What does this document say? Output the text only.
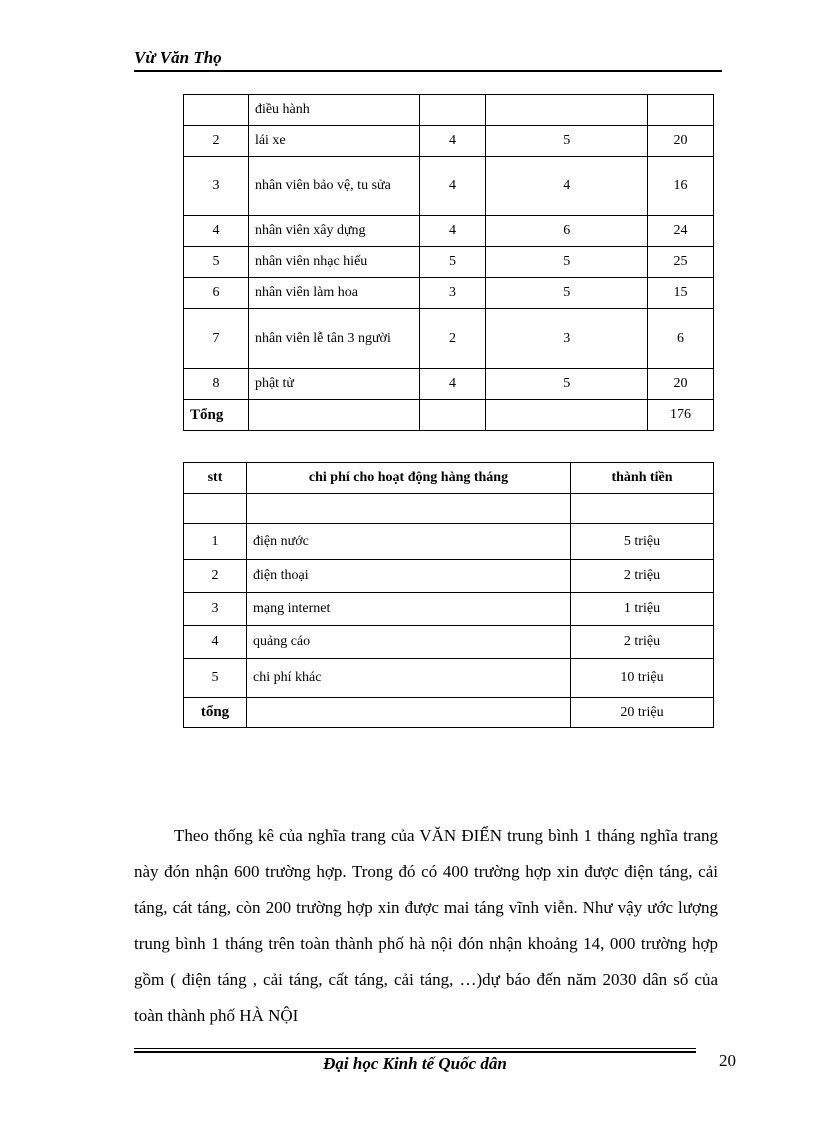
Vừ Văn Thọ
	điều hành			
2	lái xe	4	5	20
3	nhân viên bảo vệ, tu sửa	4	4	16
4	nhân viên xây dựng	4	6	24
5	nhân viên nhạc hiếu	5	5	25
6	nhân viên làm hoa	3	5	15
7	nhân viên lễ tân 3 người	2	3	6
8	phật tử	4	5	20
Tổng				176
stt	chi phí cho hoạt động hàng tháng	thành tiền

1	điện nước	5 triệu
2	điện thoại	2 triệu
3	mạng internet	1 triệu
4	quảng cáo	2 triệu
5	chi phí khác	10 triệu
tổng		20 triệu

Theo thống kê của nghĩa trang của VĂN ĐIỂN trung bình 1 tháng nghĩa trang này đón nhận 600 trường hợp. Trong đó có 400 trường hợp xin được điện táng, cải táng, cát táng, còn 200 trường hợp xin được mai táng vĩnh viễn. Như vậy ước lượng trung bình 1 tháng trên toàn thành phố hà nội đón nhận khoảng 14, 000 trường hợp gồm ( điện táng , cải táng, cất táng, cải táng, …)dự báo đến năm 2030 dân số của toàn thành phố HÀ NỘI

Đại học Kinh tế Quốc dân	20
